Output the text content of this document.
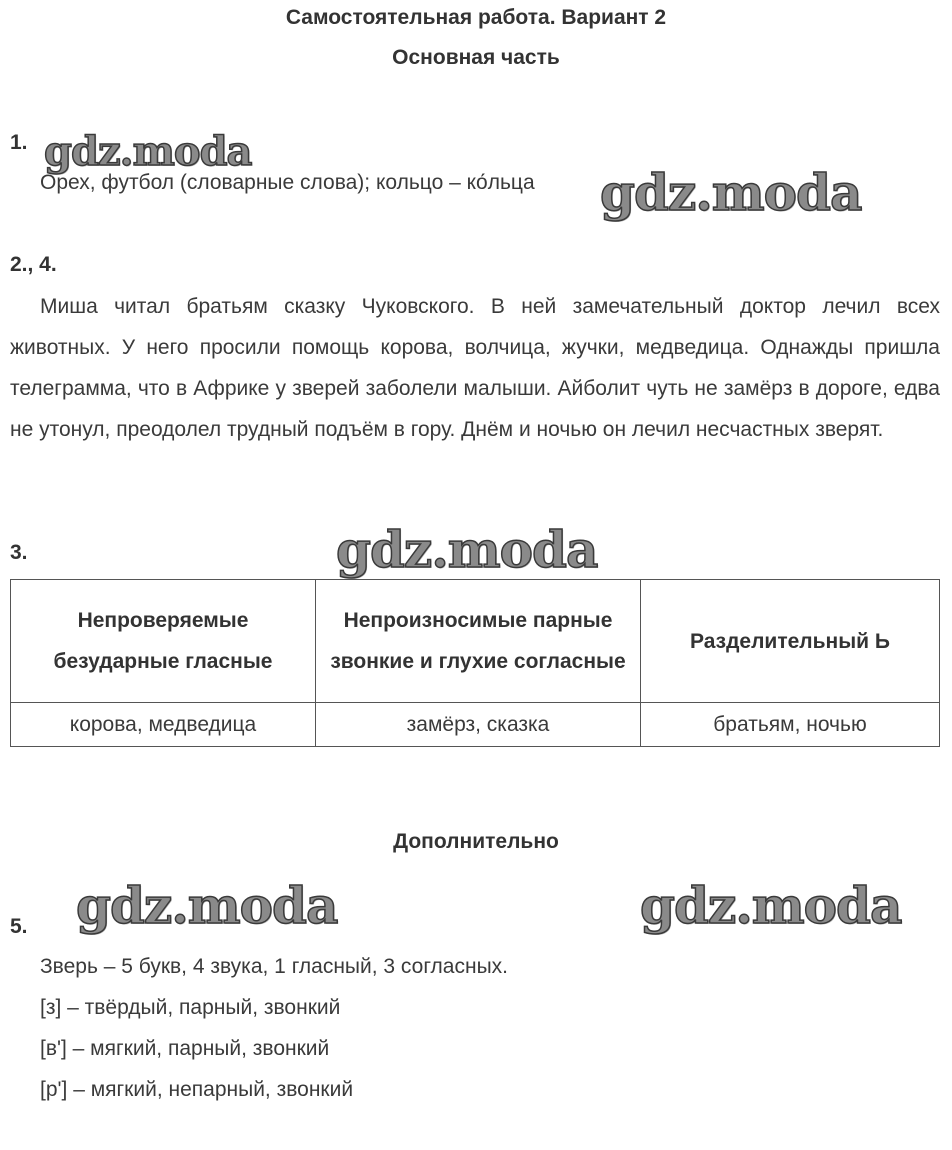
Самостоятельная работа. Вариант 2
Основная часть
1. gdz.moda
Орех, футбол (словарные слова); кольцо – ко́льца gdz.moda
2., 4.
Миша читал братьям сказку Чуковского. В ней замечательный доктор лечил всех животных. У него просили помощь корова, волчица, жучки, медведица. Однажды пришла телеграмма, что в Африке у зверей заболели малыши. Айболит чуть не замёрз в дороге, едва не утонул, преодолел трудный подъём в гору. Днём и ночью он лечил несчастных зверят.
3.	gdz.moda
Непроверяемые безударные гласные	Непроизносимые парные звонкие и глухие согласные	Разделительный Ь
корова, медведица	замёрз, сказка	братьям, ночью
Дополнительно
gdz.moda	gdz.moda
5.
Зверь – 5 букв, 4 звука, 1 гласный, 3 согласных.
[з] – твёрдый, парный, звонкий
[в'] – мягкий, парный, звонкий
[р'] – мягкий, непарный, звонкий
